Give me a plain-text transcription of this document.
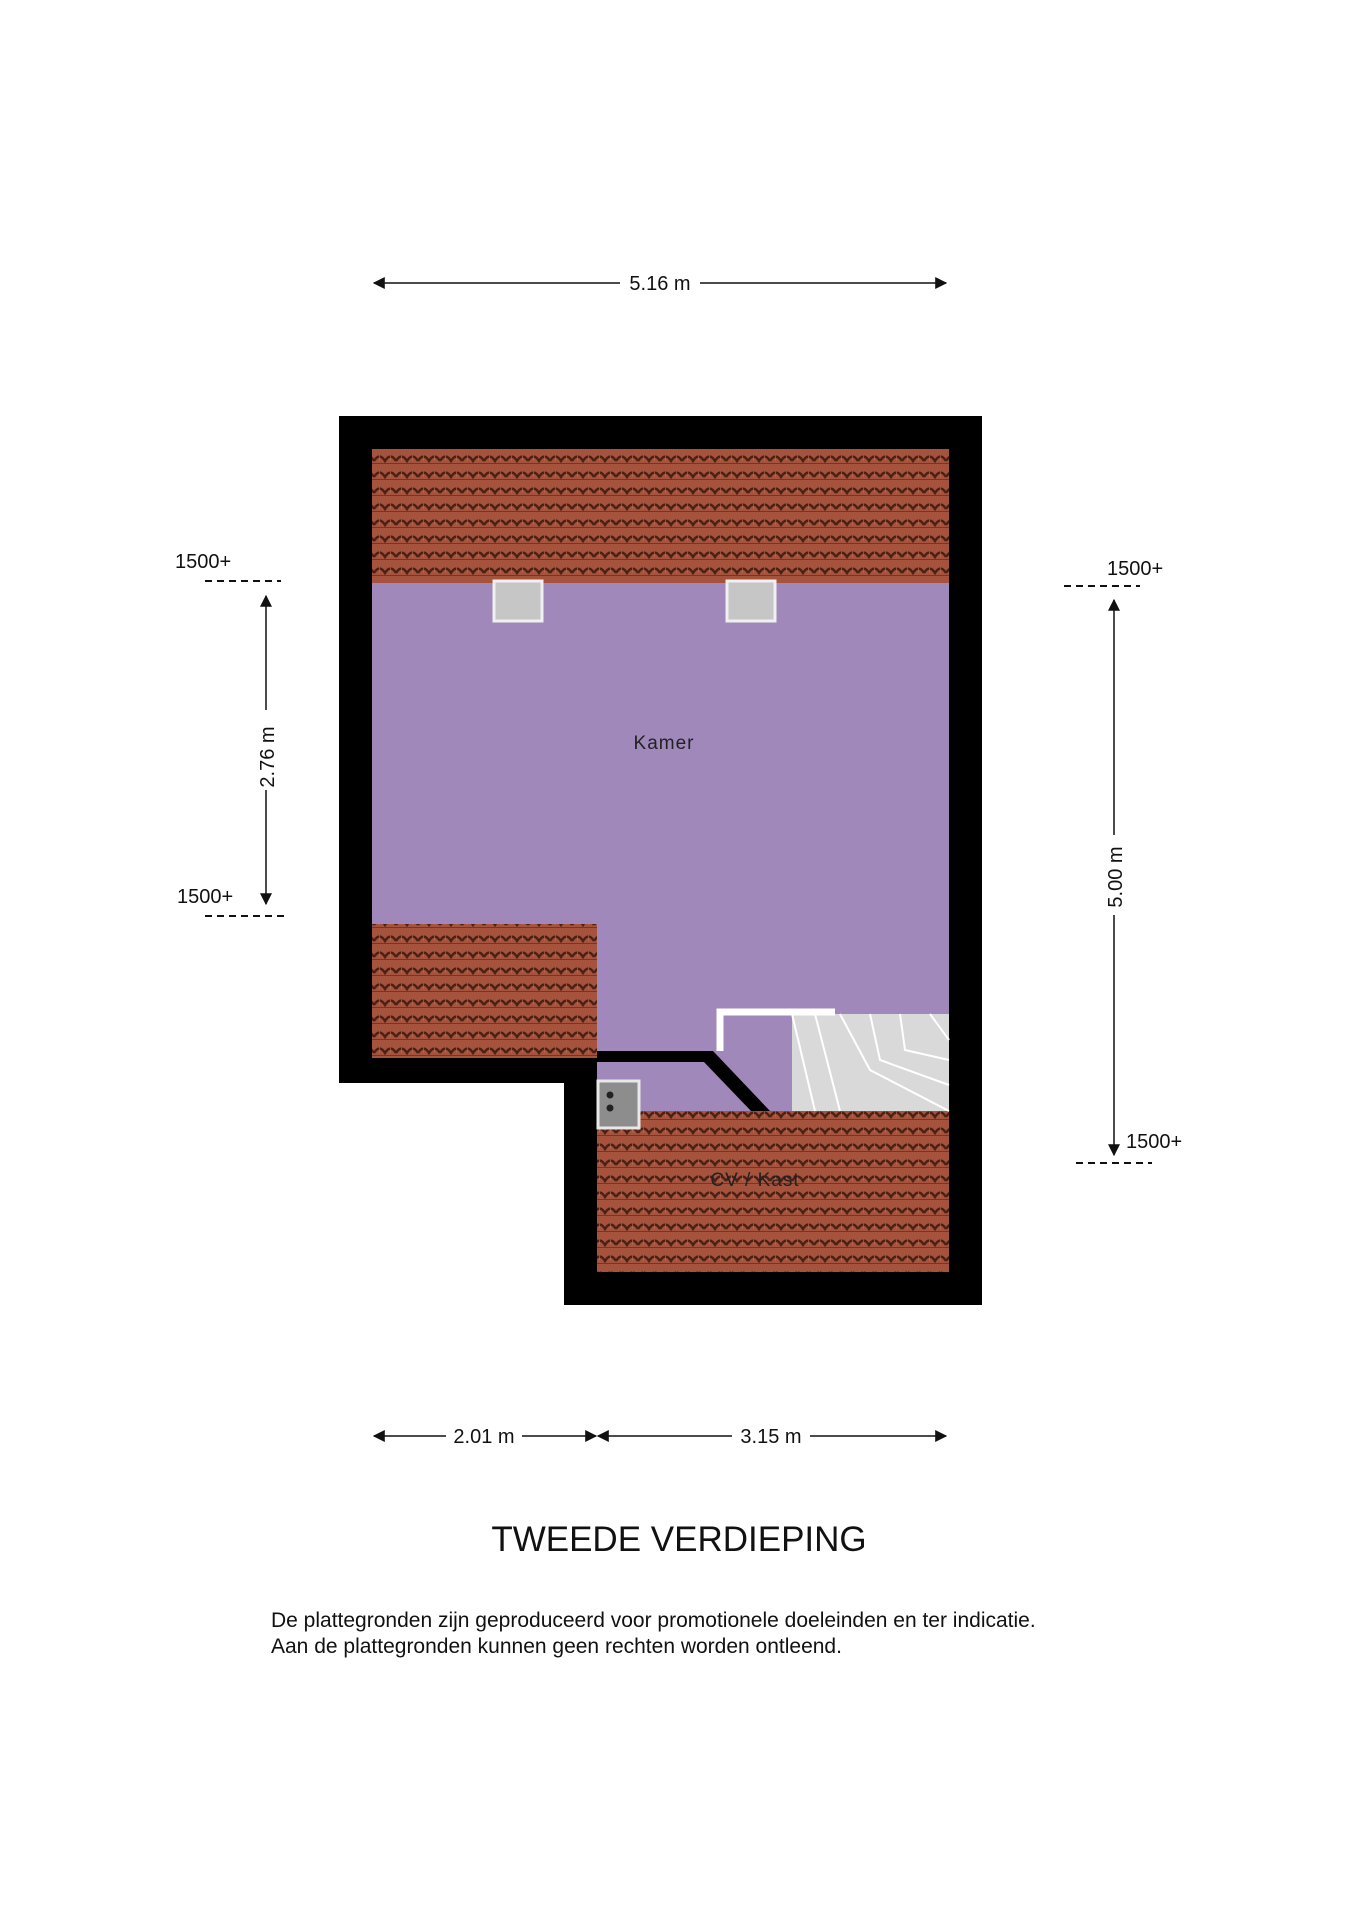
Kamer
CV / Kast
5.16 m
2.76 m
1500+
1500+	5.00 m
1500+
1500+
2.01 m	3.15 m
TWEEDE VERDIEPING
De plattegronden zijn geproduceerd voor promotionele doeleinden en ter indicatie.
Aan de plattegronden kunnen geen rechten worden ontleend.
